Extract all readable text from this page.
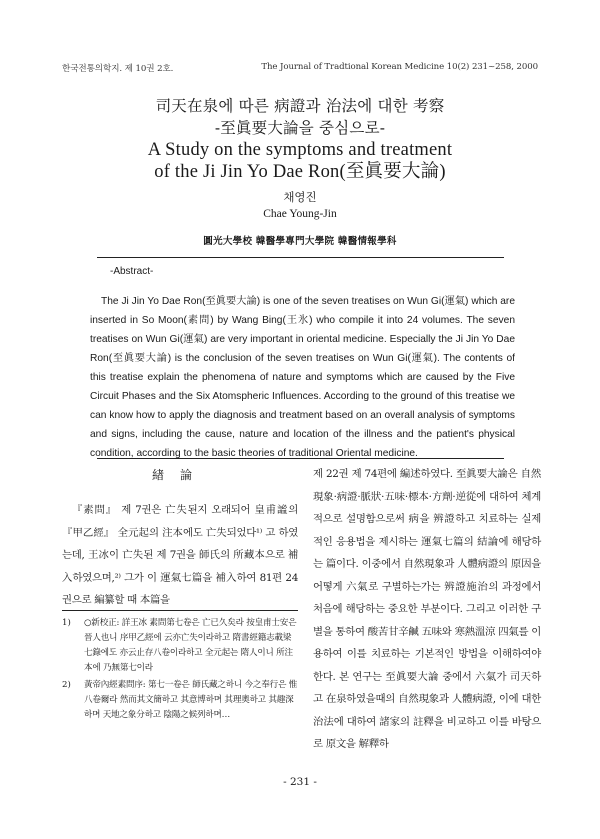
한국전통의학지. 제 10권 2호.	The Journal of Tradtional Korean Medicine 10(2) 231~258, 2000
司天在泉에 따른 病證과 治法에 대한 考察
-至眞要大論을 중심으로-
A Study on the symptoms and treatment
of the Ji Jin Yo Dae Ron(至眞要大論)
채영진
Chae Young-Jin
圓光大學校 韓醫學專門大學院 韓醫情報學科
-Abstract-
The Ji Jin Yo Dae Ron(至眞要大論) is one of the seven treatises on Wun Gi(運氣) which are inserted in So Moon(素問) by Wang Bing(王氷) who compile it into 24 volumes. The seven treatises on Wun Gi(運氣) are very important in oriental medicine. Especially the Ji Jin Yo Dae Ron(至眞要大論) is the conclusion of the seven treatises on Wun Gi(運氣). The contents of this treatise explain the phenomena of nature and symptoms which are caused by the Five Circuit Phases and the Six Atomspheric Influences. According to the ground of this treatise we can know how to apply the diagnosis and treatment based on an overall analysis of symptoms and signs, including the cause, nature and location of the illness and the patient's physical condition, according to the basic theories of traditional Oriental medicine.
제 22권 제 74편에 編述하였다. 至眞要大論은 自然現象·病證·脈狀·五味·標本·方劑·逆從에 대하여 체계적으로 설명함으로써 病을 辨證하고 치료하는 실제적인 응용법을 제시하는 運氣七篇의 結論에 해당하는 篇이다. 이중에서 自然現象과 人體病證의 原因을 어떻게 六氣로 구별하는가는 辨證施治의 과정에서 처음에 해당하는 중요한 부분이다. 그리고 이러한 구별을 통하여 酸苦甘辛鹹 五味와 寒熱溫涼 四氣를 이용하여 이를 치료하는 기본적인 방법을 이해하여야 한다. 본 연구는 至眞要大論 중에서 六氣가 司天하고 在泉하였을때의 自然現象과 人體病證, 이에 대한 治法에 대하여 諸家의 註釋을 비교하고 이를 바탕으로 原文을 解釋하
緖論
『素問』 제 7권은 亡失된지 오래되어 皇甫謐의 『甲乙經』 全元起의 注本에도 亡失되었다¹⁾ 고 하였는데, 王冰이 亡失된 제 7권을 師氏의 所藏本으로 補入하였으며,²⁾ 그가 이 運氣七篇을 補入하여 81편 24권으로 編纂할 때 本篇을
1)	○新校正: 詳王冰 素問第七卷은 亡已久矣라 按皇甫士安은 晉人也니 序甲乙經에 云亦亡失이라하고 隋書經籍志載梁七錄에도 亦云止存八卷이라하고 全元起는 隋人이니 所注本에 乃無第七이라
2)	黃帝內經素問序: 第七一卷은 師氏藏之하니 今之奉行은 惟八卷爾라 然而其文簡하고 其意博하며 其理奧하고 其趣深하며 天地之象分하고 陰陽之候列하며…
- 231 -
